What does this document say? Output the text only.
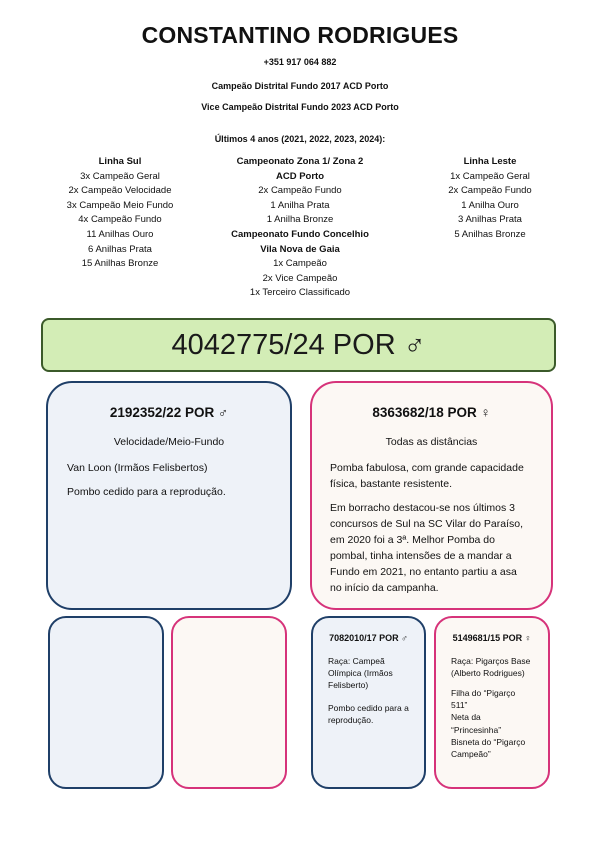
CONSTANTINO RODRIGUES
+351 917 064 882
Campeão Distrital Fundo 2017 ACD Porto
Vice Campeão Distrital Fundo 2023 ACD Porto
Últimos 4 anos (2021, 2022, 2023, 2024):
Linha Sul
3x Campeão Geral
2x Campeão Velocidade
3x Campeão Meio Fundo
4x Campeão Fundo
11 Anilhas Ouro
6 Anilhas Prata
15 Anilhas Bronze
Campeonato Zona 1/ Zona 2
ACD Porto
2x Campeão Fundo
1 Anilha Prata
1 Anilha Bronze
Campeonato Fundo Concelhio
Vila Nova de Gaia
1x Campeão
2x Vice Campeão
1x Terceiro Classificado
Linha Leste
1x Campeão Geral
2x Campeão Fundo
1 Anilha Ouro
3 Anilhas Prata
5 Anilhas Bronze
4042775/24 POR
♂
2192352/22 POR ♂
Velocidade/Meio-Fundo
Van Loon (Irmãos Felisbertos)
Pombo cedido para a reprodução.
8363682/18 POR ♀
Todas as distâncias
Pomba fabulosa, com grande capacidade
física, bastante resistente.
Em borracho destacou-se nos últimos 3
concursos de Sul na SC Vilar do Paraíso,
em 2020 foi a 3ª. Melhor Pomba do
pombal, tinha intensões de a mandar a
Fundo em 2021, no entanto partiu a asa
no início da campanha.
7082010/17 POR ♂
Raça: Campeã
Olímpica (Irmãos
Felisberto)
Pombo cedido para a
reprodução.
5149681/15 POR ♀
Raça: Pigarços Base
(Alberto Rodrigues)
Filha do “Pigarço
511”
Neta da
“Princesinha”
Bisneta do “Pigarço
Campeão”
